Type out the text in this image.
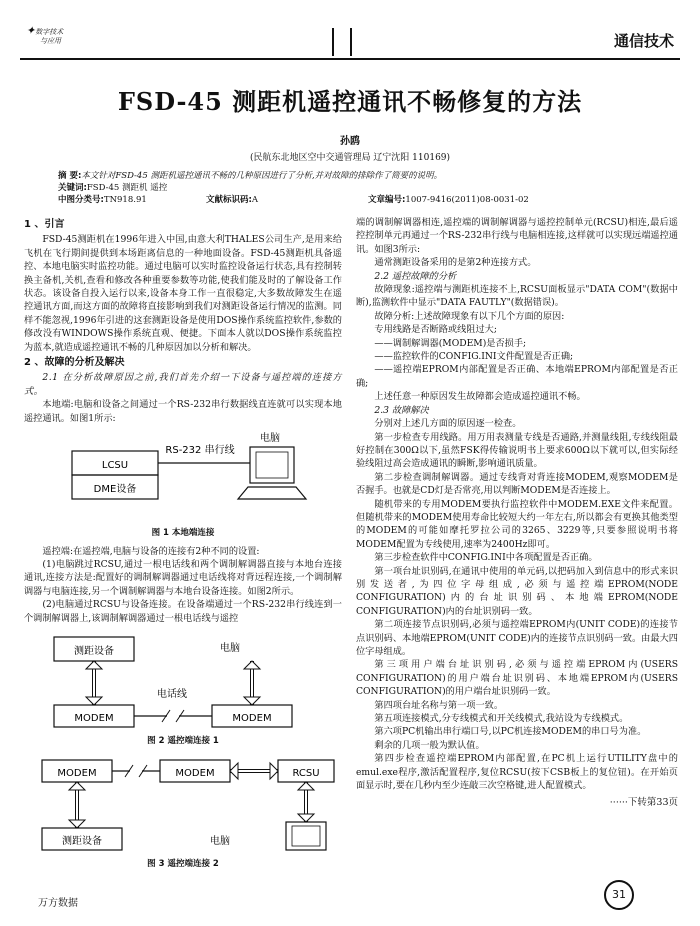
✦数字技术
与应用	通信技术
FSD-45 测距机遥控通讯不畅修复的方法
孙鸥
(民航东北地区空中交通管理局 辽宁沈阳 110169)
摘 要:本文针对FSD-45 测距机遥控通讯不畅的几种原因进行了分析,并对故障的排除作了简要的说明。
关键词:FSD-45 测距机 遥控
中图分类号: TN918.91	文献标识码: A	文章编号: 1007-9416(2011)08-0031-02
1 、引言

FSD-45测距机在1996年进入中国,由意大利THALES公司生产,是用来给飞机在飞行期间提供到本场距离信息的一种地面设备。FSD-45测距机具备遥控、本地电脑实时监控功能。通过电脑可以实时监控设备运行状态,具有控制转换主备机,关机,查看和修改各种重要参数等功能,使我们能及时的了解设备工作状态。该设备自投入运行以来,设备本身工作一直很稳定,大多数故障发生在遥控通讯方面,而这方面的故障将直接影响到我们对测距设备运行情况的监测。同样不能忽视,1996年引进的这套测距设备是使用DOS操作系统监控软件,参数的修改没有WINDOWS操作系统直观、便捷。下面本人就以DOS操作系统监控为蓝本,就造成遥控通讯不畅的几种原因加以分析和解决。

2 、故障的分析及解决

2.1 在分析故障原因之前,我们首先介绍一下设备与遥控端的连接方式。

本地端:电脑和设备之间通过一个RS-232串行数据线直连就可以实现本地遥控通讯。如图1所示:

LCSU
DME设备
RS-232 串行线
电脑
图 1 本地端连接

遥控端:在遥控端,电脑与设备的连接有2种不同的设置:

(1)电脑跳过RCSU,通过一根电话线和两个调制解调器直接与本地台连接通讯,连接方法是:配置好的调制解调器通过电话线将对背远程连接,一个调制解调器与电脑连接,另一个调制解调器与本地台设备连接。如图2所示。

(2)电脑通过RCSU与设备连接。在设备端通过一个RS-232串行线连到一个调制解调器上,该调制解调器通过一根电话线与遥控

测距设备	电脑
MODEM	MODEM
电话线
图 2 遥控端连接 1
MODEM	MODEM	RCSU
测距设备	电脑
图 3 遥控端连接 2

端的调制解调器相连,遥控端的调制解调器与遥控控制单元(RCSU)相连,最后遥控控制单元再通过一个RS-232串行线与电脑相连接,这样就可以实现远端遥控通讯。如图3所示:

通常测距设备采用的是第2种连接方式。

2.2 遥控故障的分析

故障现象:遥控端与测距机连接不上,RCSU面板显示"DATA COM"(数据中断),监测软件中显示"DATA FAUTLY"(数据错误)。

故障分析:上述故障现象有以下几个方面的原因:

专用线路是否断路或线阻过大;

——调制解调器(MODEM)是否损手;

——监控软件的CONFIG.INI文件配置是否正确;

——遥控端EPROM内部配置是否正确、本地端EPROM内部配置是否正确;

上述任意一种原因发生故障都会造成遥控通讯不畅。

2.3 故障解决

分别对上述几方面的原因逐一检查。

第一步检查专用线路。用万用表测量专线是否通路,并测量线阻,专线线阻最好控制在300Ω以下,虽然FSK得传输说明书上要求600Ω以下就可以,但实际经验线阻过高会造成通讯的瞬断,影响通讯质量。

第二步检查调制解调器。通过专线背对背连接MODEM,观察MODEM是否握手。也就是CD灯是否常亮,用以判断MODEM是否连接上。

随机带来的专用MODEM要执行监控软件中MODEM.EXE文件来配置。但随机带来的MODEM使用寿命比较短大约一年左右,所以都会有更换其他类型的MODEM的可能如摩托罗拉公司的3265、3229等,只要参照说明书将MODEM配置为专线使用,速率为2400Hz即可。

第三步检查软件中CONFIG.INI中各项配置是否正确。

第一项台址识别码,在通讯中使用的单元码,以把码加入到信息中的形式来识别发送者,为四位字母组成,必须与遥控端EPROM(NODE CONFIGURATION)内的台址识别码、本地端EPROM(NODE CONFIGURATION)内的台址识别码一致。

第二项连接节点识别码,必须与遥控端EPROM内(UNIT CODE)的连接节点识别码、本地端EPROM(UNIT CODE)内的连接节点识别码一致。由最大四位字母组成。

第三项用户端台址识别码,必须与遥控端EPROM内(USERS CONFIGURATION)的用户端台址识别码、本地端EPROM内(USERS CONFIGURATION)的用户端台址识别码一致。

第四项台址名称与第一项一致。

第五项连接模式,分专线模式和开关线模式,我站设为专线模式。

第六项PC机输出串行端口号,以PC机连接MODEM的串口号为准。

剩余的几项一般为默认值。

第四步检查遥控端EPROM内部配置,在PC机上运行UTILITY盘中的emul.exe程序,激活配置程序,复位RCSU(按下CSB板上的复位钮)。在开始页面显示时,要在几秒内至少连敲三次空格键,进人配置模式。

······下转第33页
万方数据
31
